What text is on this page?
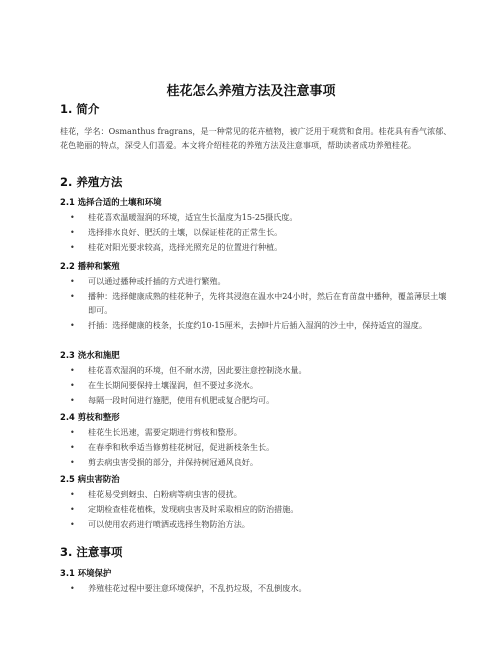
桂花怎么养殖方法及注意事项
1. 简介

桂花，学名：Osmanthus fragrans，是一种常见的花卉植物，被广泛用于观赏和食用。桂花具有香气浓郁、花色艳丽的特点，深受人们喜爱。本文将介绍桂花的养殖方法及注意事项，帮助读者成功养殖桂花。

2. 养殖方法
2.1 选择合适的土壤和环境
• 桂花喜欢温暖湿润的环境，适宜生长温度为15-25摄氏度。
• 选择排水良好、肥沃的土壤，以保证桂花的正常生长。
• 桂花对阳光要求较高，选择光照充足的位置进行种植。
2.2 播种和繁殖
• 可以通过播种或扦插的方式进行繁殖。
• 播种：选择健康成熟的桂花种子，先将其浸泡在温水中24小时，然后在育苗盘中播种，覆盖薄层土壤即可。
• 扦插：选择健康的枝条，长度约10-15厘米，去掉叶片后插入湿润的沙土中，保持适宜的湿度。
2.3 浇水和施肥
• 桂花喜欢湿润的环境，但不耐水涝，因此要注意控制浇水量。
• 在生长期间要保持土壤湿润，但不要过多浇水。
• 每隔一段时间进行施肥，使用有机肥或复合肥均可。
2.4 剪枝和整形
• 桂花生长迅速，需要定期进行剪枝和整形。
• 在春季和秋季适当修剪桂花树冠，促进新枝条生长。
• 剪去病虫害受损的部分，并保持树冠通风良好。
2.5 病虫害防治
• 桂花易受到蚜虫、白粉病等病虫害的侵扰。
• 定期检查桂花植株，发现病虫害及时采取相应的防治措施。
• 可以使用农药进行喷洒或选择生物防治方法。
3. 注意事项
3.1 环境保护
• 养殖桂花过程中要注意环境保护，不乱扔垃圾，不乱倒废水。
